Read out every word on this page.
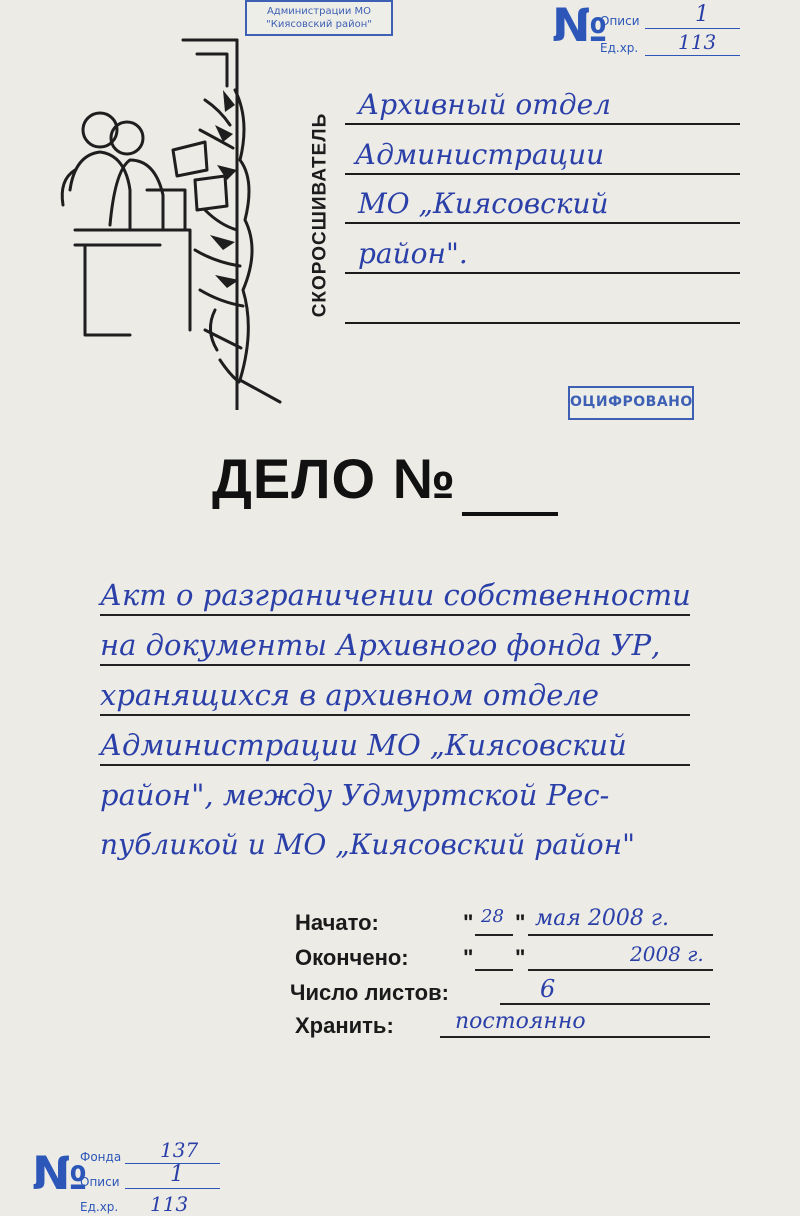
Администрации МО
"Киясовский район"	№
Описи	1
Ед.хр. 113
СКОРОСШИВАТЕЛЬ
Архивный отдел
Администрации
МО „Киясовский
район".
ОЦИФРОВАНО
ДЕЛО №
Акт о разграничении собственности
на документы Архивного фонда УР,
хранящихся в архивном отделе
Администрации МО „Киясовский
район", между Удмуртской Рес-
публикой и МО „Киясовский район"
Начато:	" 28 " мая 2008 г.
Окончено: " "	2008 г.
Число листов:	6
Хранить:	постоянно
№
Фонда 137
Описи 1
Ед.хр. 113
